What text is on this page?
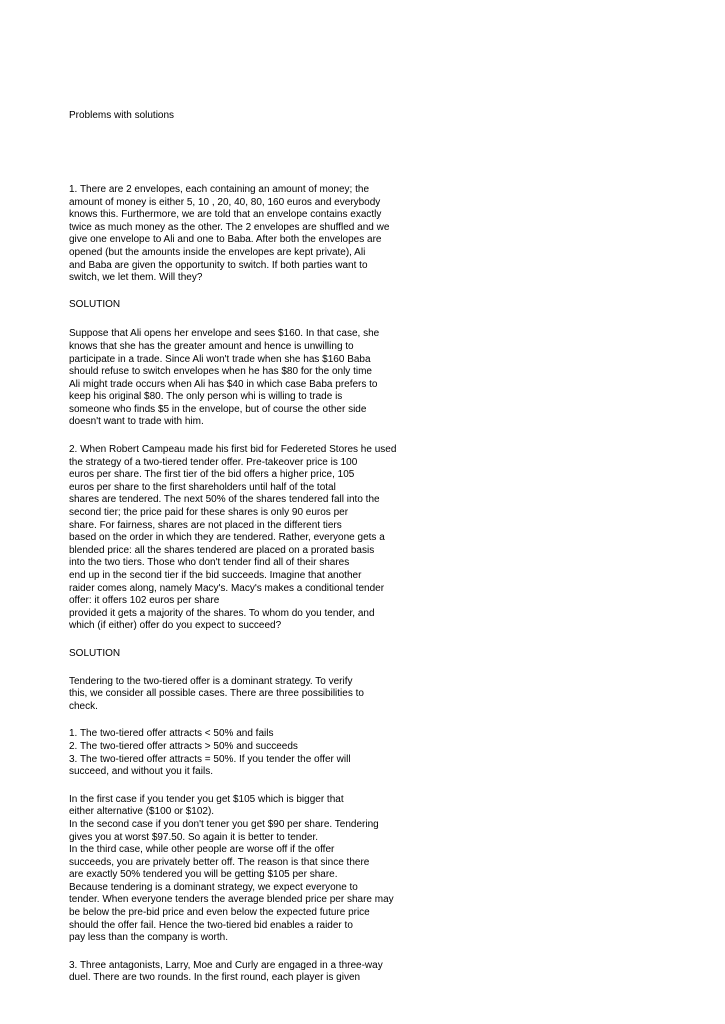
Problems with solutions

1. There are 2 envelopes, each containing an amount of money; the
amount of money is either 5, 10 , 20, 40, 80, 160 euros and everybody
knows this. Furthermore, we are told that an envelope contains exactly
twice as much money as the other. The 2 envelopes are shuffled and we
give one envelope to Ali and one to Baba. After both the envelopes are
opened (but the amounts inside the envelopes are kept private), Ali
and Baba are given the opportunity to switch. If both parties want to
switch, we let them. Will they?
SOLUTION
Suppose that Ali opens her envelope and sees $160. In that case, she
knows that she has the greater amount and hence is unwilling to
participate in a trade. Since Ali won't trade when she has $160 Baba
should refuse to switch envelopes when he has $80 for the only time
Ali might trade occurs when Ali has $40 in which case Baba prefers to
keep his original $80. The only person whi is willing to trade is
someone who finds $5 in the envelope, but of course the other side
doesn't want to trade with him.
2. When Robert Campeau made his first bid for Federeted Stores he used
the strategy of a two-tiered tender offer. Pre-takeover price is 100
euros per share. The first tier of the bid offers a higher price, 105
euros per share to the first shareholders until half of the total
shares are tendered. The next 50% of the shares tendered fall into the
second tier; the price paid for these shares is only 90 euros per
share. For fairness, shares are not placed in the different tiers
based on the order in which they are tendered. Rather, everyone gets a
blended price: all the shares tendered are placed on a prorated basis
into the two tiers. Those who don't tender find all of their shares
end up in the second tier if the bid succeeds. Imagine that another
raider comes along, namely Macy's. Macy's makes a conditional tender
offer: it offers 102 euros per share
provided it gets a majority of the shares. To whom do you tender, and
which (if either) offer do you expect to succeed?
SOLUTION
Tendering to the two-tiered offer is a dominant strategy. To verify
this, we consider all possible cases. There are three possibilities to
check.
1. The two-tiered offer attracts < 50% and fails
2. The two-tiered offer attracts > 50% and succeeds
3. The two-tiered offer attracts = 50%. If you tender the offer will
succeed, and without you it fails.
In the first case if you tender you get $105 which is bigger that
either alternative ($100 or $102).
In the second case if you don't tener you get $90 per share. Tendering
gives you at worst $97.50. So again it is better to tender.
In the third case, while other people are worse off if the offer
succeeds, you are privately better off. The reason is that since there
are exactly 50% tendered you will be getting $105 per share.
Because tendering is a dominant strategy, we expect everyone to
tender. When everyone tenders the average blended price per share may
be below the pre-bid price and even below the expected future price
should the offer fail. Hence the two-tiered bid enables a raider to
pay less than the company is worth.
3. Three antagonists, Larry, Moe and Curly are engaged in a three-way
duel. There are two rounds. In the first round, each player is given
